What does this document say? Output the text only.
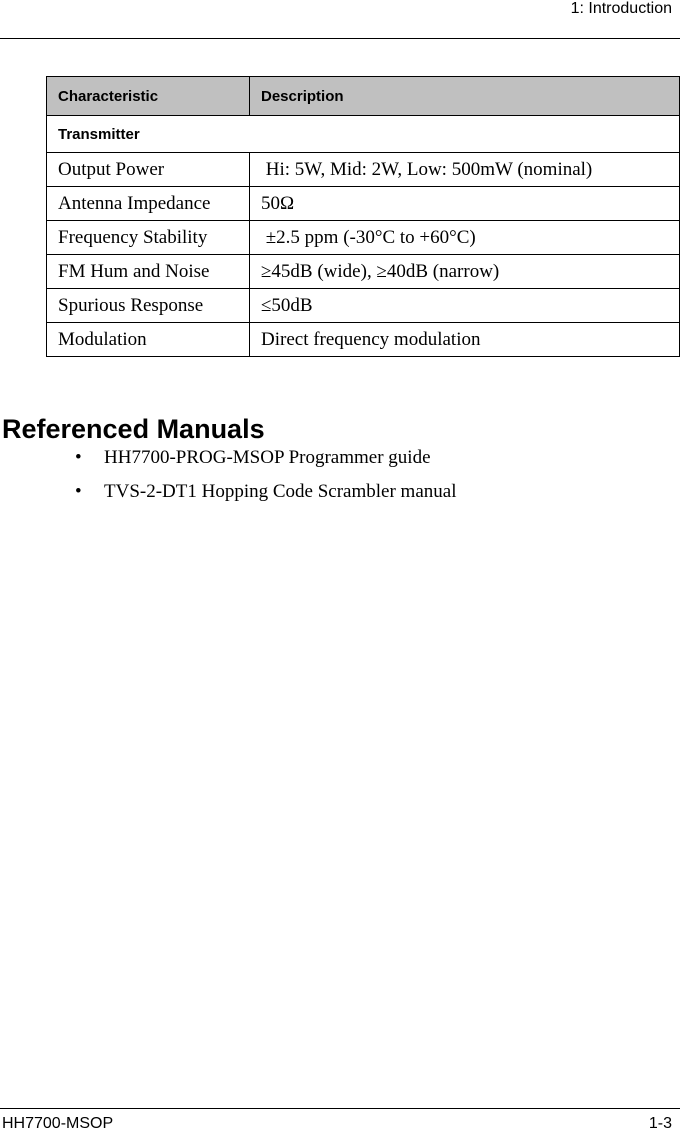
1: Introduction
Characteristic	Description
Transmitter	
Output Power	Hi: 5W, Mid: 2W, Low: 500mW (nominal)
Antenna Impedance	50Ω
Frequency Stability	±2.5 ppm (-30°C to +60°C)
FM Hum and Noise	≥45dB (wide), ≥40dB (narrow)
Spurious Response	≤50dB
Modulation	Direct frequency modulation
Referenced Manuals
• HH7700-PROG-MSOP Programmer guide
• TVS-2-DT1 Hopping Code Scrambler manual
HH7700-MSOP	1-3
